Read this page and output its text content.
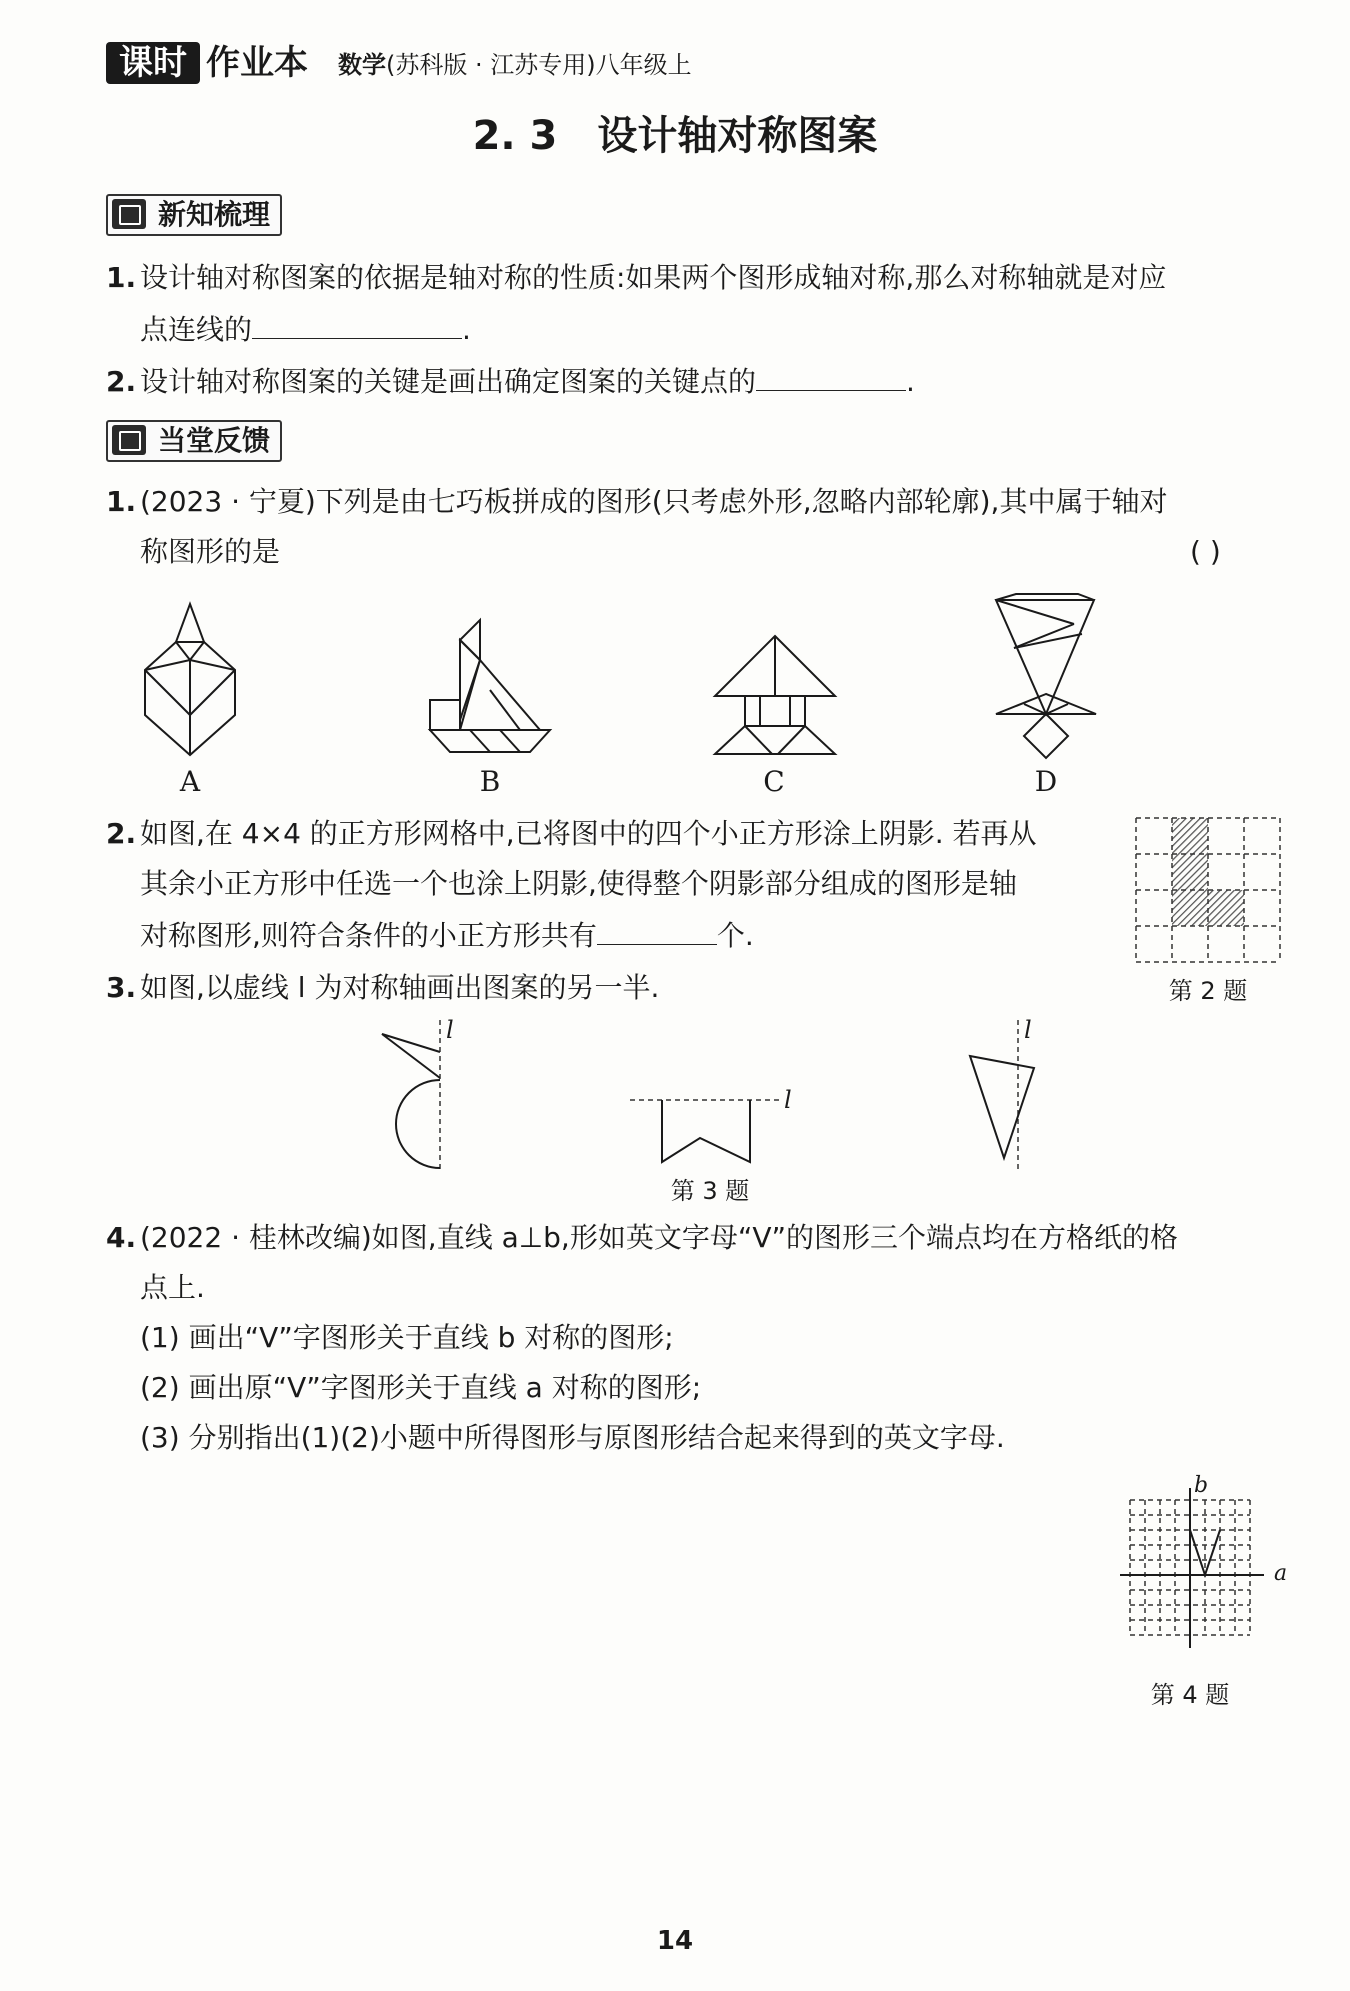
课时 作业本 数学(苏科版 · 江苏专用)八年级上
2. 3 设计轴对称图案
新知梳理
1. 设计轴对称图案的依据是轴对称的性质:如果两个图形成轴对称,那么对称轴就是对应
点连线的	.
2. 设计轴对称图案的关键是画出确定图案的关键点的	.
当堂反馈
1. (2023 · 宁夏)下列是由七巧板拼成的图形(只考虑外形,忽略内部轮廓),其中属于轴对
称图形的是	( )
A	B	C	D
2. 如图,在 4×4 的正方形网格中,已将图中的四个小正方形涂上阴影. 若再从
其余小正方形中任选一个也涂上阴影,使得整个阴影部分组成的图形是轴
对称图形,则符合条件的小正方形共有	个.
第 2 题
3. 如图,以虚线 l 为对称轴画出图案的另一半.
l
l
l
第 3 题
4. (2022 · 桂林改编)如图,直线 a⊥b,形如英文字母“V”的图形三个端点均在方格纸的格
点上.
(1) 画出“V”字图形关于直线 b 对称的图形;
(2) 画出原“V”字图形关于直线 a 对称的图形;
(3) 分别指出(1)(2)小题中所得图形与原图形结合起来得到的英文字母.
a
b
第 4 题
14
